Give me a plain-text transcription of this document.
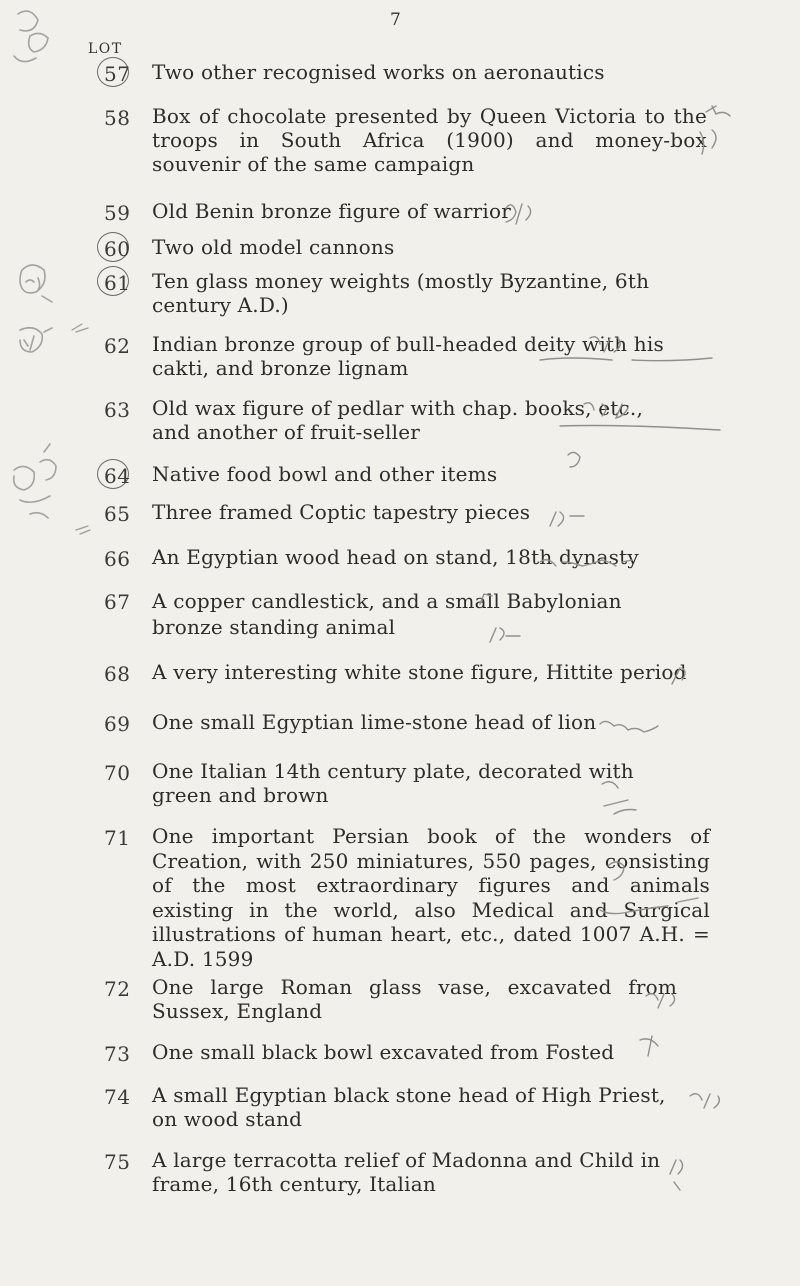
7
LOT
57 Two other recognised works on aeronautics
58 Box of chocolate presented by Queen Victoria to the troops in South Africa (1900) and money-box souvenir of the same campaign
59 Old Benin bronze figure of warrior
60 Two old model cannons
61 Ten glass money weights (mostly Byzantine, 6th century A.D.)
62 Indian bronze group of bull-headed deity with his cakti, and bronze lignam
63 Old wax figure of pedlar with chap. books, etc., and another of fruit-seller
64 Native food bowl and other items
65 Three framed Coptic tapestry pieces
66 An Egyptian wood head on stand, 18th dynasty
67 A copper candlestick, and a small Babylonian bronze standing animal
68 A very interesting white stone figure, Hittite period
69 One small Egyptian lime-stone head of lion
70 One Italian 14th century plate, decorated with green and brown
71 One important Persian book of the wonders of Creation, with 250 miniatures, 550 pages, consisting of the most extraordinary figures and animals existing in the world, also Medical and Surgical illustrations of human heart, etc., dated 1007 A.H. = A.D. 1599
72 One large Roman glass vase, excavated from Sussex, England
73 One small black bowl excavated from Fosted
74 A small Egyptian black stone head of High Priest, on wood stand
75 A large terracotta relief of Madonna and Child in frame, 16th century, Italian
